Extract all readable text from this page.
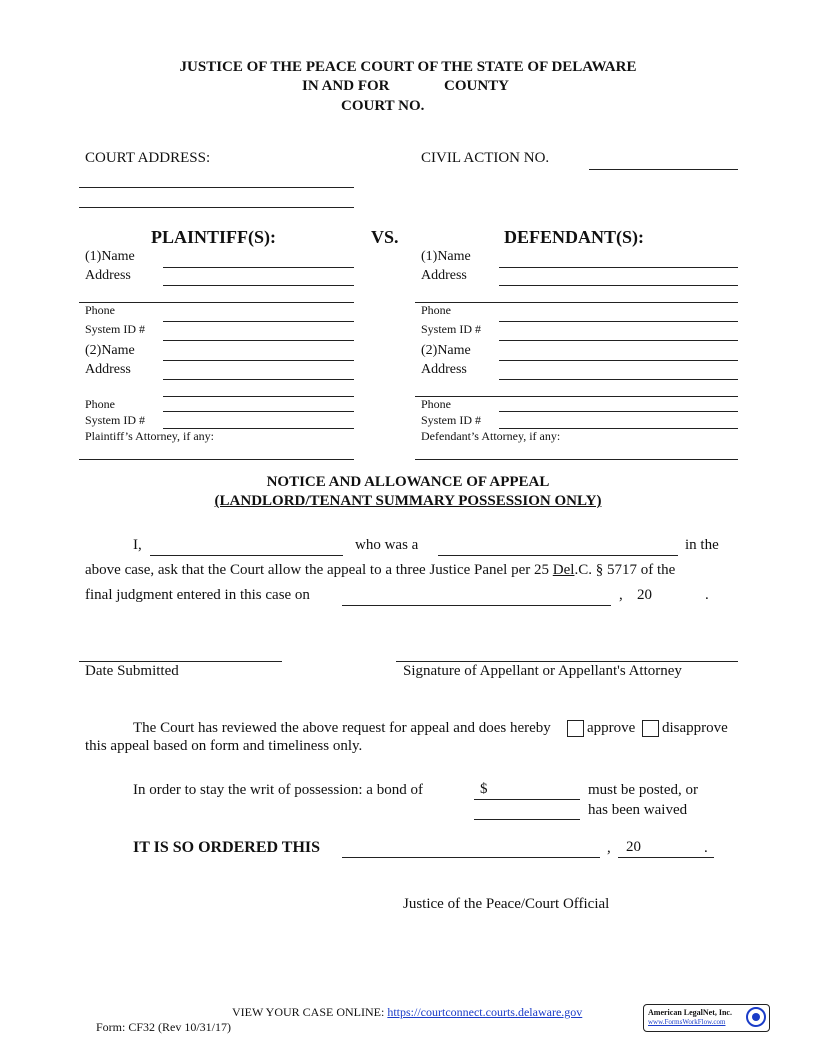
JUSTICE OF THE PEACE COURT OF THE STATE OF DELAWARE
IN AND FOR	COUNTY
COURT NO.
COURT ADDRESS:	CIVIL ACTION NO.
PLAINTIFF(S):	VS.	DEFENDANT(S):
(1)Name
Address
Phone
System ID #
(2)Name
Address
Phone
System ID #
Plaintiff’s Attorney, if any:
(1)Name
Address
Phone
System ID #
(2)Name
Address
Phone
System ID #
Defendant’s Attorney, if any:
NOTICE AND ALLOWANCE OF APPEAL
(LANDLORD/TENANT SUMMARY POSSESSION ONLY)
I,	who was a	in the
above case, ask that the Court allow the appeal to a three Justice Panel per 25 Del.C. § 5717 of the
final judgment entered in this case on	, 20	.
Date Submitted	Signature of Appellant or Appellant's Attorney
The Court has reviewed the above request for appeal and does hereby approve disapprove
this appeal based on form and timeliness only.
In order to stay the writ of possession: a bond of	$	must be posted, or
has been waived
IT IS SO ORDERED THIS	, 20	.
Justice of the Peace/Court Official
VIEW YOUR CASE ONLINE: https://courtconnect.courts.delaware.gov
Form: CF32 (Rev 10/31/17)
American LegalNet, Inc.
www.FormsWorkFlow.com
